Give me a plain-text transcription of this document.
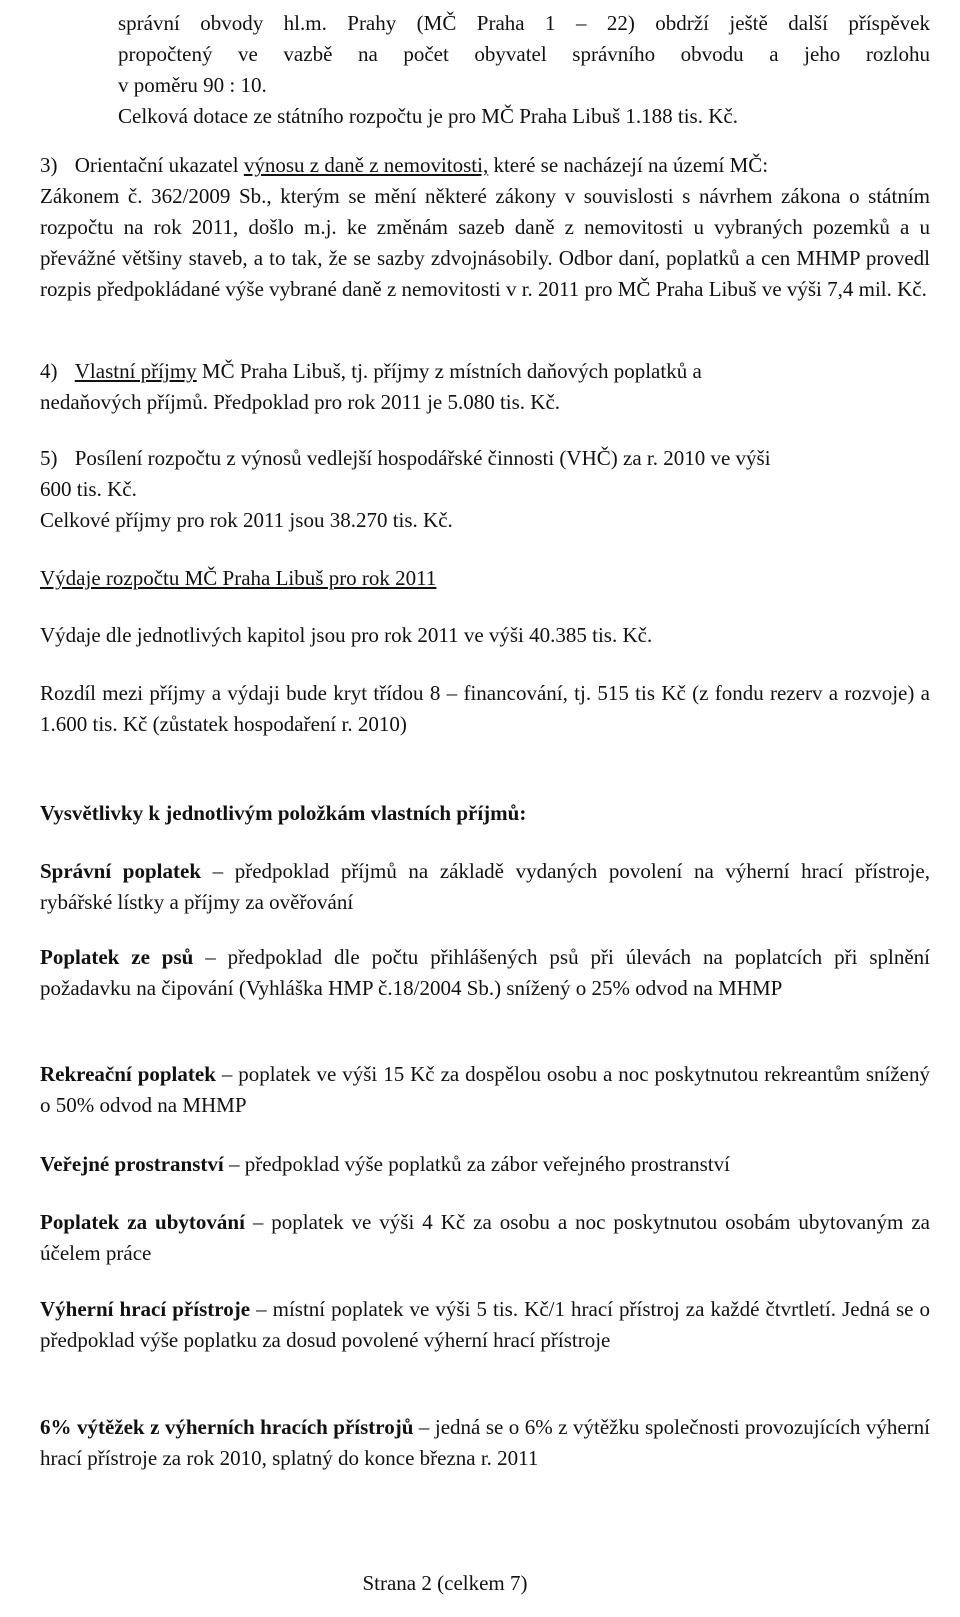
správní obvody hl.m. Prahy (MČ Praha 1 – 22) obdrží ještě další příspěvek
propočtený ve vazbě na počet obyvatel správního obvodu a jeho rozlohu
v poměru 90 : 10.
Celková dotace ze státního rozpočtu je pro MČ Praha Libuš 1.188 tis. Kč.
3) Orientační ukazatel výnosu z daně z nemovitosti, které se nacházejí na území MČ:
Zákonem č. 362/2009 Sb., kterým se mění některé zákony v souvislosti s návrhem zákona o státním rozpočtu na rok 2011, došlo m.j. ke změnám sazeb daně z nemovitosti u vybraných pozemků a u převážné většiny staveb, a to tak, že se sazby zdvojnásobily. Odbor daní, poplatků a cen MHMP provedl rozpis předpokládané výše vybrané daně z nemovitosti v r. 2011 pro MČ Praha Libuš ve výši 7,4 mil. Kč.
4) Vlastní příjmy MČ Praha Libuš, tj. příjmy z místních daňových poplatků a
nedaňových příjmů. Předpoklad pro rok 2011 je 5.080 tis. Kč.
5) Posílení rozpočtu z výnosů vedlejší hospodářské činnosti (VHČ) za r. 2010 ve výši
600 tis. Kč.
Celkové příjmy pro rok 2011 jsou 38.270 tis. Kč.
Výdaje rozpočtu MČ Praha Libuš pro rok 2011
Výdaje dle jednotlivých kapitol jsou pro rok 2011 ve výši 40.385 tis. Kč.
Rozdíl mezi příjmy a výdaji bude kryt třídou 8 – financování, tj. 515 tis Kč (z fondu rezerv a rozvoje) a 1.600 tis. Kč (zůstatek hospodaření r. 2010)
Vysvětlivky k jednotlivým položkám vlastních příjmů:
Správní poplatek – předpoklad příjmů na základě vydaných povolení na výherní hrací přístroje, rybářské lístky a příjmy za ověřování
Poplatek ze psů – předpoklad dle počtu přihlášených psů při úlevách na poplatcích při splnění požadavku na čipování (Vyhláška HMP č.18/2004 Sb.) snížený o 25% odvod na MHMP
Rekreační poplatek – poplatek ve výši 15 Kč za dospělou osobu a noc poskytnutou rekreantům snížený o 50% odvod na MHMP
Veřejné prostranství – předpoklad výše poplatků za zábor veřejného prostranství
Poplatek za ubytování – poplatek ve výši 4 Kč za osobu a noc poskytnutou osobám ubytovaným za účelem práce
Výherní hrací přístroje – místní poplatek ve výši 5 tis. Kč/1 hrací přístroj za každé čtvrtletí. Jedná se o předpoklad výše poplatku za dosud povolené výherní hrací přístroje
6% výtěžek z výherních hracích přístrojů – jedná se o 6% z výtěžku společnosti provozujících výherní hrací přístroje za rok 2010, splatný do konce března r. 2011
Strana 2 (celkem 7)
